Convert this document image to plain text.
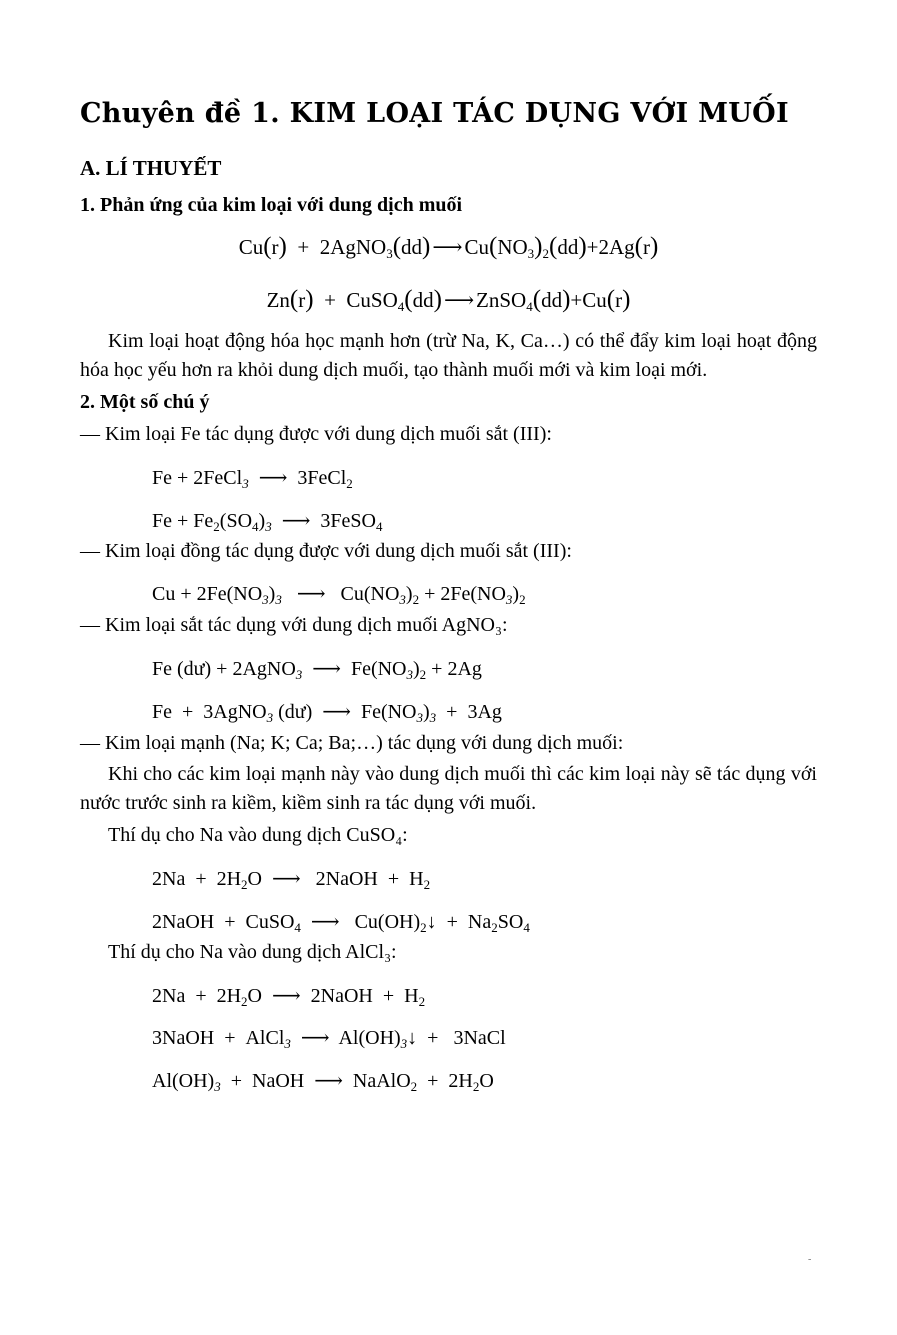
Chuyên đề 1. KIM LOẠI TÁC DỤNG VỚI MUỐI
A. LÍ THUYẾT
1. Phản ứng của kim loại với dung dịch muối
$Cu(r) + 2AgNO_3(dd)⟶Cu(NO_3)_2(dd)+2Ag(r)$
Zn(r)  +  CuSO$_4$(dd)⟶ZnSO$_4$(dd)+Cu(r)

Kim loại hoạt động hóa học mạnh hơn (trừ Na, K, Ca…) có thể đẩy kim loại hoạt động hóa học yếu hơn ra khỏi dung dịch muối, tạo thành muối mới và kim loại mới.

2. Một số chú ý
— Kim loại Fe tác dụng được với dung dịch muối sắt (III):
Fe + 2FeCl$_3$  ⟶  3FeCl$_2$
$Fe + Fe_2(SO_4)_3$  ⟶  3FeSO$_4$
— Kim loại đồng tác dụng được với dung dịch muối sắt (III):
$Cu + 2Fe(NO_3)_3$   ⟶   $Cu(NO_3)_2 + 2Fe(NO_3)_2$
— Kim loại sắt tác dụng với dung dịch muối AgNO₃:
Fe (dư) + 2AgNO$_3$  ⟶  $Fe(NO_3)_2 + 2Ag$
Fe  +  3AgNO$_3$ (dư)  ⟶  $Fe(NO_3)_3 + 3Ag$
— Kim loại mạnh (Na; K; Ca; Ba;…) tác dụng với dung dịch muối:

Khi cho các kim loại mạnh này vào dung dịch muối thì các kim loại này sẽ tác dụng với nước trước sinh ra kiềm, kiềm sinh ra tác dụng với muối.

Thí dụ cho Na vào dung dịch CuSO₄:
$2Na + 2H_2O$  ⟶   2NaOH  +  $H_2$
2NaOH  +  CuSO$_4$  ⟶   $Cu(OH)_2↓ + Na_2SO_4$
Thí dụ cho Na vào dung dịch AlCl₃:
$2Na + 2H_2O$  ⟶  2NaOH  +  $H_2$
3NaOH  +  AlCl$_3$  ⟶  $Al(OH)_3↓$  +   3NaCl
$Al(OH)_3$  +  NaOH  ⟶  NaAlO$_2$  +  $2H_2O$
-
